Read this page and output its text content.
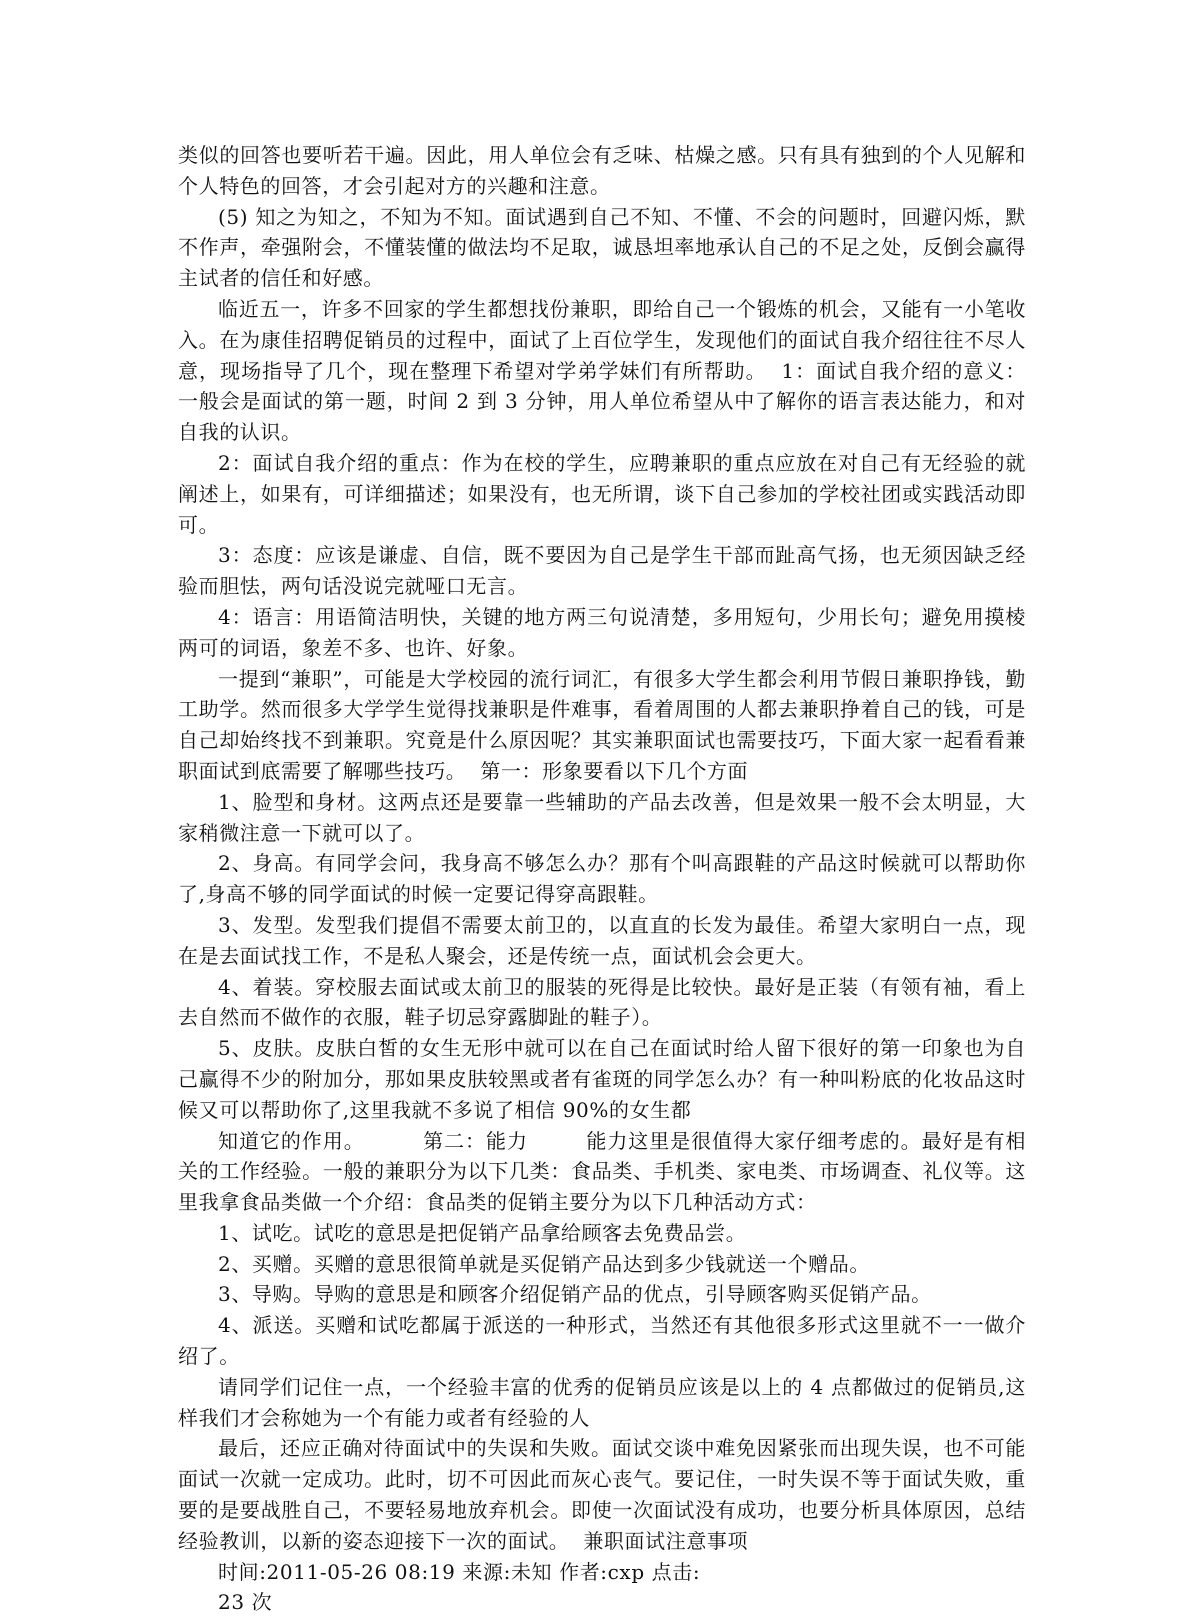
类似的回答也要听若干遍。因此，用人单位会有乏味、枯燥之感。只有具有独到的个人见解和个人特色的回答，才会引起对方的兴趣和注意。

(5) 知之为知之，不知为不知。面试遇到自己不知、不懂、不会的问题时，回避闪烁，默不作声，牵强附会，不懂装懂的做法均不足取，诚恳坦率地承认自己的不足之处，反倒会赢得主试者的信任和好感。

临近五一，许多不回家的学生都想找份兼职，即给自己一个锻炼的机会，又能有一小笔收入。在为康佳招聘促销员的过程中，面试了上百位学生，发现他们的面试自我介绍往往不尽人意，现场指导了几个，现在整理下希望对学弟学妹们有所帮助。  1：面试自我介绍的意义：一般会是面试的第一题，时间 2 到 3 分钟，用人单位希望从中了解你的语言表达能力，和对自我的认识。

2：面试自我介绍的重点：作为在校的学生，应聘兼职的重点应放在对自己有无经验的就阐述上，如果有，可详细描述；如果没有，也无所谓，谈下自己参加的学校社团或实践活动即可。

3：态度：应该是谦虚、自信，既不要因为自己是学生干部而趾高气扬，也无须因缺乏经验而胆怯，两句话没说完就哑口无言。

4：语言：用语简洁明快，关键的地方两三句说清楚，多用短句，少用长句；避免用摸棱两可的词语，象差不多、也许、好象。

一提到“兼职”，可能是大学校园的流行词汇，有很多大学生都会利用节假日兼职挣钱，勤工助学。然而很多大学学生觉得找兼职是件难事，看着周围的人都去兼职挣着自己的钱，可是自己却始终找不到兼职。究竟是什么原因呢？其实兼职面试也需要技巧，下面大家一起看看兼职面试到底需要了解哪些技巧。  第一：形象要看以下几个方面

1、脸型和身材。这两点还是要靠一些辅助的产品去改善，但是效果一般不会太明显，大家稍微注意一下就可以了。

2、身高。有同学会问，我身高不够怎么办？那有个叫高跟鞋的产品这时候就可以帮助你了,身高不够的同学面试的时候一定要记得穿高跟鞋。

3、发型。发型我们提倡不需要太前卫的，以直直的长发为最佳。希望大家明白一点，现在是去面试找工作，不是私人聚会，还是传统一点，面试机会会更大。

4、着装。穿校服去面试或太前卫的服装的死得是比较快。最好是正装（有领有袖，看上去自然而不做作的衣服，鞋子切忌穿露脚趾的鞋子）。

5、皮肤。皮肤白皙的女生无形中就可以在自己在面试时给人留下很好的第一印象也为自己赢得不少的附加分，那如果皮肤较黑或者有雀斑的同学怎么办？有一种叫粉底的化妆品这时候又可以帮助你了,这里我就不多说了相信 90%的女生都

知道它的作用。        第二：能力        能力这里是很值得大家仔细考虑的。最好是有相关的工作经验。一般的兼职分为以下几类：食品类、手机类、家电类、市场调查、礼仪等。这里我拿食品类做一个介绍：食品类的促销主要分为以下几种活动方式：

1、试吃。试吃的意思是把促销产品拿给顾客去免费品尝。

2、买赠。买赠的意思很简单就是买促销产品达到多少钱就送一个赠品。

3、导购。导购的意思是和顾客介绍促销产品的优点，引导顾客购买促销产品。

4、派送。买赠和试吃都属于派送的一种形式，当然还有其他很多形式这里就不一一做介绍了。

请同学们记住一点，一个经验丰富的优秀的促销员应该是以上的 4 点都做过的促销员,这样我们才会称她为一个有能力或者有经验的人

最后，还应正确对待面试中的失误和失败。面试交谈中难免因紧张而出现失误，也不可能面试一次就一定成功。此时，切不可因此而灰心丧气。要记住，一时失误不等于面试失败，重要的是要战胜自己，不要轻易地放弃机会。即使一次面试没有成功，也要分析具体原因，总结经验教训，以新的姿态迎接下一次的面试。  兼职面试注意事项

时间:2011-05-26 08:19 来源:未知 作者:cxp 点击:

23 次
